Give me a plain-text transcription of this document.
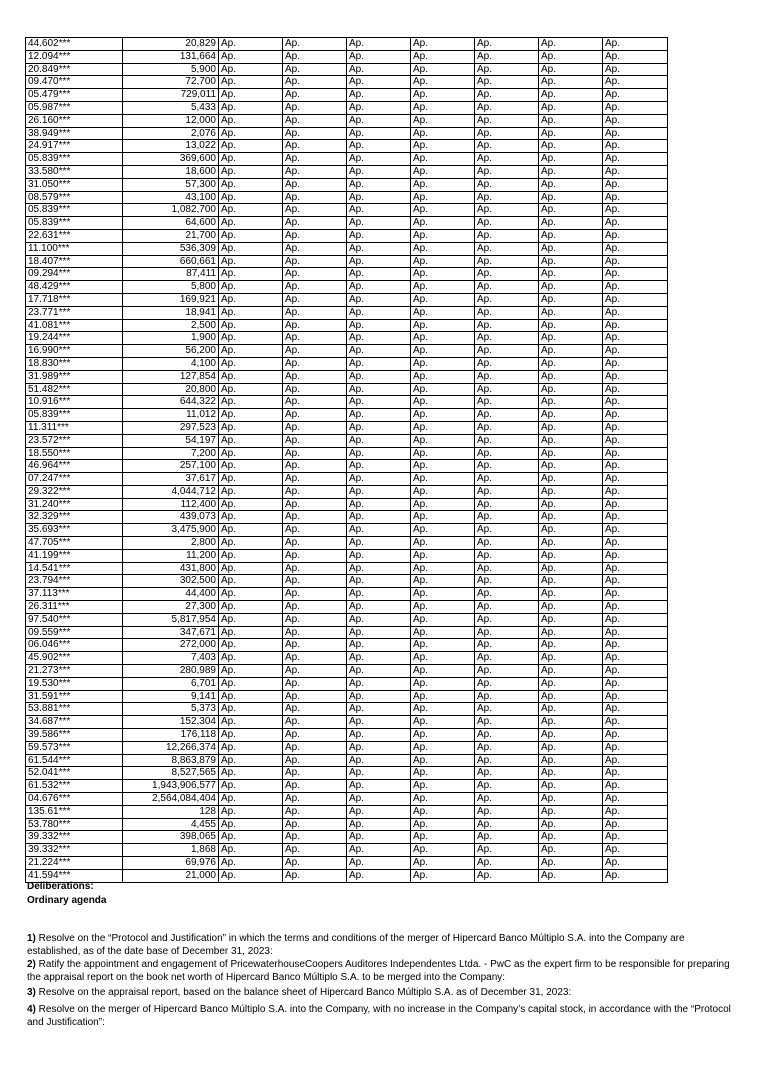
44.602***	20,829	Ap.	Ap.	Ap.	Ap.	Ap.	Ap.	Ap.
12.094***	131,664	Ap.	Ap.	Ap.	Ap.	Ap.	Ap.	Ap.
20.849***	5,900	Ap.	Ap.	Ap.	Ap.	Ap.	Ap.	Ap.
09.470***	72,700	Ap.	Ap.	Ap.	Ap.	Ap.	Ap.	Ap.
05.479***	729,011	Ap.	Ap.	Ap.	Ap.	Ap.	Ap.	Ap.
05.987***	5,433	Ap.	Ap.	Ap.	Ap.	Ap.	Ap.	Ap.
26.160***	12,000	Ap.	Ap.	Ap.	Ap.	Ap.	Ap.	Ap.
38.949***	2,076	Ap.	Ap.	Ap.	Ap.	Ap.	Ap.	Ap.
24.917***	13,022	Ap.	Ap.	Ap.	Ap.	Ap.	Ap.	Ap.
05.839***	369,600	Ap.	Ap.	Ap.	Ap.	Ap.	Ap.	Ap.
33.580***	18,600	Ap.	Ap.	Ap.	Ap.	Ap.	Ap.	Ap.
31.050***	57,300	Ap.	Ap.	Ap.	Ap.	Ap.	Ap.	Ap.
08.579***	43,100	Ap.	Ap.	Ap.	Ap.	Ap.	Ap.	Ap.
05.839***	1,082,700	Ap.	Ap.	Ap.	Ap.	Ap.	Ap.	Ap.
05.839***	64,600	Ap.	Ap.	Ap.	Ap.	Ap.	Ap.	Ap.
22.631***	21,700	Ap.	Ap.	Ap.	Ap.	Ap.	Ap.	Ap.
11.100***	536,309	Ap.	Ap.	Ap.	Ap.	Ap.	Ap.	Ap.
18.407***	660,661	Ap.	Ap.	Ap.	Ap.	Ap.	Ap.	Ap.
09.294***	87,411	Ap.	Ap.	Ap.	Ap.	Ap.	Ap.	Ap.
48.429***	5,800	Ap.	Ap.	Ap.	Ap.	Ap.	Ap.	Ap.
17.718***	169,921	Ap.	Ap.	Ap.	Ap.	Ap.	Ap.	Ap.
23.771***	18,941	Ap.	Ap.	Ap.	Ap.	Ap.	Ap.	Ap.
41.081***	2,500	Ap.	Ap.	Ap.	Ap.	Ap.	Ap.	Ap.
19.244***	1,900	Ap.	Ap.	Ap.	Ap.	Ap.	Ap.	Ap.
16.990***	56,200	Ap.	Ap.	Ap.	Ap.	Ap.	Ap.	Ap.
18.830***	4,100	Ap.	Ap.	Ap.	Ap.	Ap.	Ap.	Ap.
31.989***	127,854	Ap.	Ap.	Ap.	Ap.	Ap.	Ap.	Ap.
51.482***	20,800	Ap.	Ap.	Ap.	Ap.	Ap.	Ap.	Ap.
10.916***	644,322	Ap.	Ap.	Ap.	Ap.	Ap.	Ap.	Ap.
05.839***	11,012	Ap.	Ap.	Ap.	Ap.	Ap.	Ap.	Ap.
11.311***	297,523	Ap.	Ap.	Ap.	Ap.	Ap.	Ap.	Ap.
23.572***	54,197	Ap.	Ap.	Ap.	Ap.	Ap.	Ap.	Ap.
18.550***	7,200	Ap.	Ap.	Ap.	Ap.	Ap.	Ap.	Ap.
46.964***	257,100	Ap.	Ap.	Ap.	Ap.	Ap.	Ap.	Ap.
07.247***	37,617	Ap.	Ap.	Ap.	Ap.	Ap.	Ap.	Ap.
29.322***	4,044,712	Ap.	Ap.	Ap.	Ap.	Ap.	Ap.	Ap.
31.240***	112,400	Ap.	Ap.	Ap.	Ap.	Ap.	Ap.	Ap.
32.329***	439,073	Ap.	Ap.	Ap.	Ap.	Ap.	Ap.	Ap.
35.693***	3,475,900	Ap.	Ap.	Ap.	Ap.	Ap.	Ap.	Ap.
47.705***	2,800	Ap.	Ap.	Ap.	Ap.	Ap.	Ap.	Ap.
41.199***	11,200	Ap.	Ap.	Ap.	Ap.	Ap.	Ap.	Ap.
14.541***	431,800	Ap.	Ap.	Ap.	Ap.	Ap.	Ap.	Ap.
23.794***	302,500	Ap.	Ap.	Ap.	Ap.	Ap.	Ap.	Ap.
37.113***	44,400	Ap.	Ap.	Ap.	Ap.	Ap.	Ap.	Ap.
26.311***	27,300	Ap.	Ap.	Ap.	Ap.	Ap.	Ap.	Ap.
97.540***	5,817,954	Ap.	Ap.	Ap.	Ap.	Ap.	Ap.	Ap.
09.559***	347,671	Ap.	Ap.	Ap.	Ap.	Ap.	Ap.	Ap.
06.046***	272,000	Ap.	Ap.	Ap.	Ap.	Ap.	Ap.	Ap.
45.902***	7,403	Ap.	Ap.	Ap.	Ap.	Ap.	Ap.	Ap.
21.273***	280,989	Ap.	Ap.	Ap.	Ap.	Ap.	Ap.	Ap.
19.530***	6,701	Ap.	Ap.	Ap.	Ap.	Ap.	Ap.	Ap.
31.591***	9,141	Ap.	Ap.	Ap.	Ap.	Ap.	Ap.	Ap.
53.881***	5,373	Ap.	Ap.	Ap.	Ap.	Ap.	Ap.	Ap.
34.687***	152,304	Ap.	Ap.	Ap.	Ap.	Ap.	Ap.	Ap.
39.586***	176,118	Ap.	Ap.	Ap.	Ap.	Ap.	Ap.	Ap.
59.573***	12,266,374	Ap.	Ap.	Ap.	Ap.	Ap.	Ap.	Ap.
61.544***	8,863,879	Ap.	Ap.	Ap.	Ap.	Ap.	Ap.	Ap.
52.041***	8,527,565	Ap.	Ap.	Ap.	Ap.	Ap.	Ap.	Ap.
61.532***	1,943,906,577	Ap.	Ap.	Ap.	Ap.	Ap.	Ap.	Ap.
04.676***	2,564,084,404	Ap.	Ap.	Ap.	Ap.	Ap.	Ap.	Ap.
135.61***	128	Ap.	Ap.	Ap.	Ap.	Ap.	Ap.	Ap.
53.780***	4,455	Ap.	Ap.	Ap.	Ap.	Ap.	Ap.	Ap.
39.332***	398,065	Ap.	Ap.	Ap.	Ap.	Ap.	Ap.	Ap.
39.332***	1,868	Ap.	Ap.	Ap.	Ap.	Ap.	Ap.	Ap.
21.224***	69,976	Ap.	Ap.	Ap.	Ap.	Ap.	Ap.	Ap.
41.594***	21,000	Ap.	Ap.	Ap.	Ap.	Ap.	Ap.	Ap.
Deliberations:
Ordinary agenda
1) Resolve on the “Protocol and Justification” in which the terms and conditions of the merger of Hipercard Banco Múltiplo S.A. into the Company are established, as of the date base of December 31, 2023:
2) Ratify the appointment and engagement of PricewaterhouseCoopers Auditores Independentes Ltda. - PwC as the expert firm to be responsible for preparing the appraisal report on the book net worth of Hipercard Banco Múltiplo S.A. to be merged into the Company:
3) Resolve on the appraisal report, based on the balance sheet of Hipercard Banco Múltiplo S.A. as of December 31, 2023:
4) Resolve on the merger of Hipercard Banco Múltiplo S.A. into the Company, with no increase in the Company’s capital stock, in accordance with the “Protocol and Justification”:
